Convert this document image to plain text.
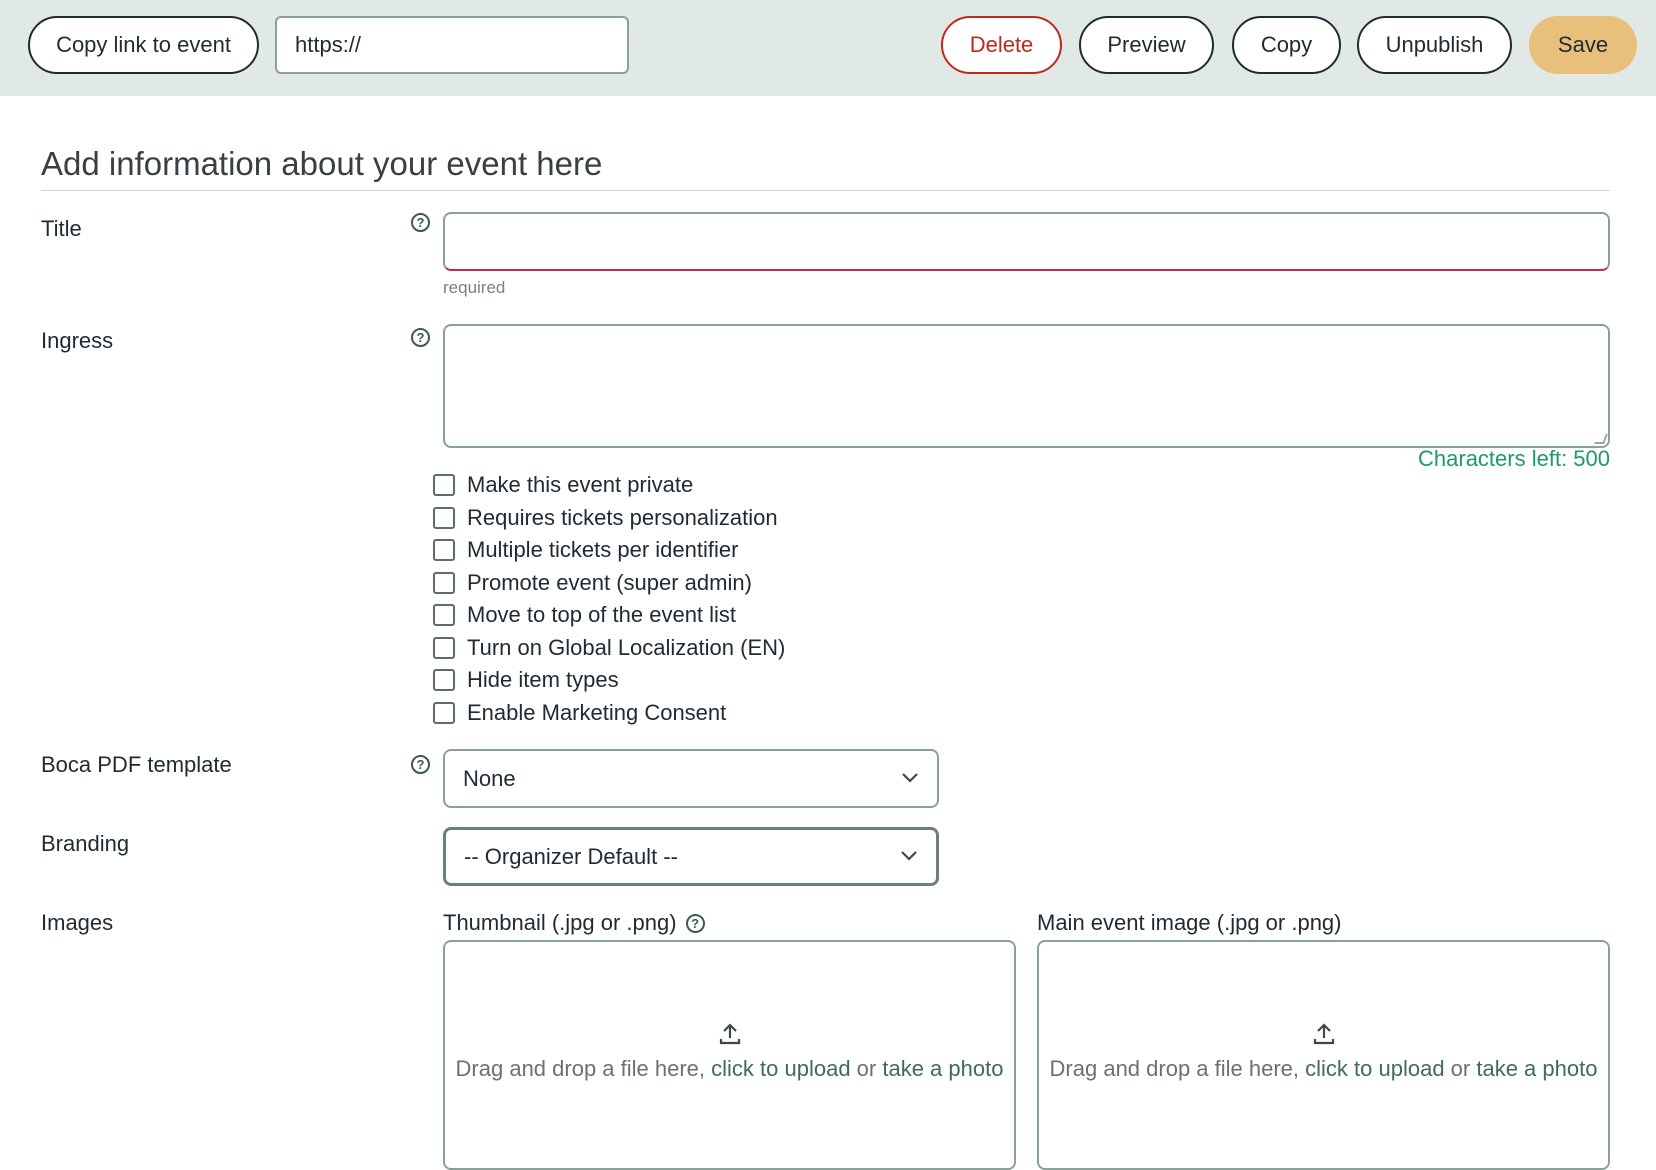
Copy link to event
https://	Delete	Preview	Copy	Unpublish	Save
Add information about your event here
Title	?
required
Ingress	?
Characters left: 500
Make this event private
Requires tickets personalization
Multiple tickets per identifier
Promote event (super admin)
Move to top of the event list
Turn on Global Localization (EN)
Hide item types
Enable Marketing Consent
Boca PDF template	?
None
Branding	-- Organizer Default --
Images	Thumbnail (.jpg or .png)	?	Main event image (.jpg or .png)
Drag and drop a file here, click to upload or take a photo	Drag and drop a file here, click to upload or take a photo
